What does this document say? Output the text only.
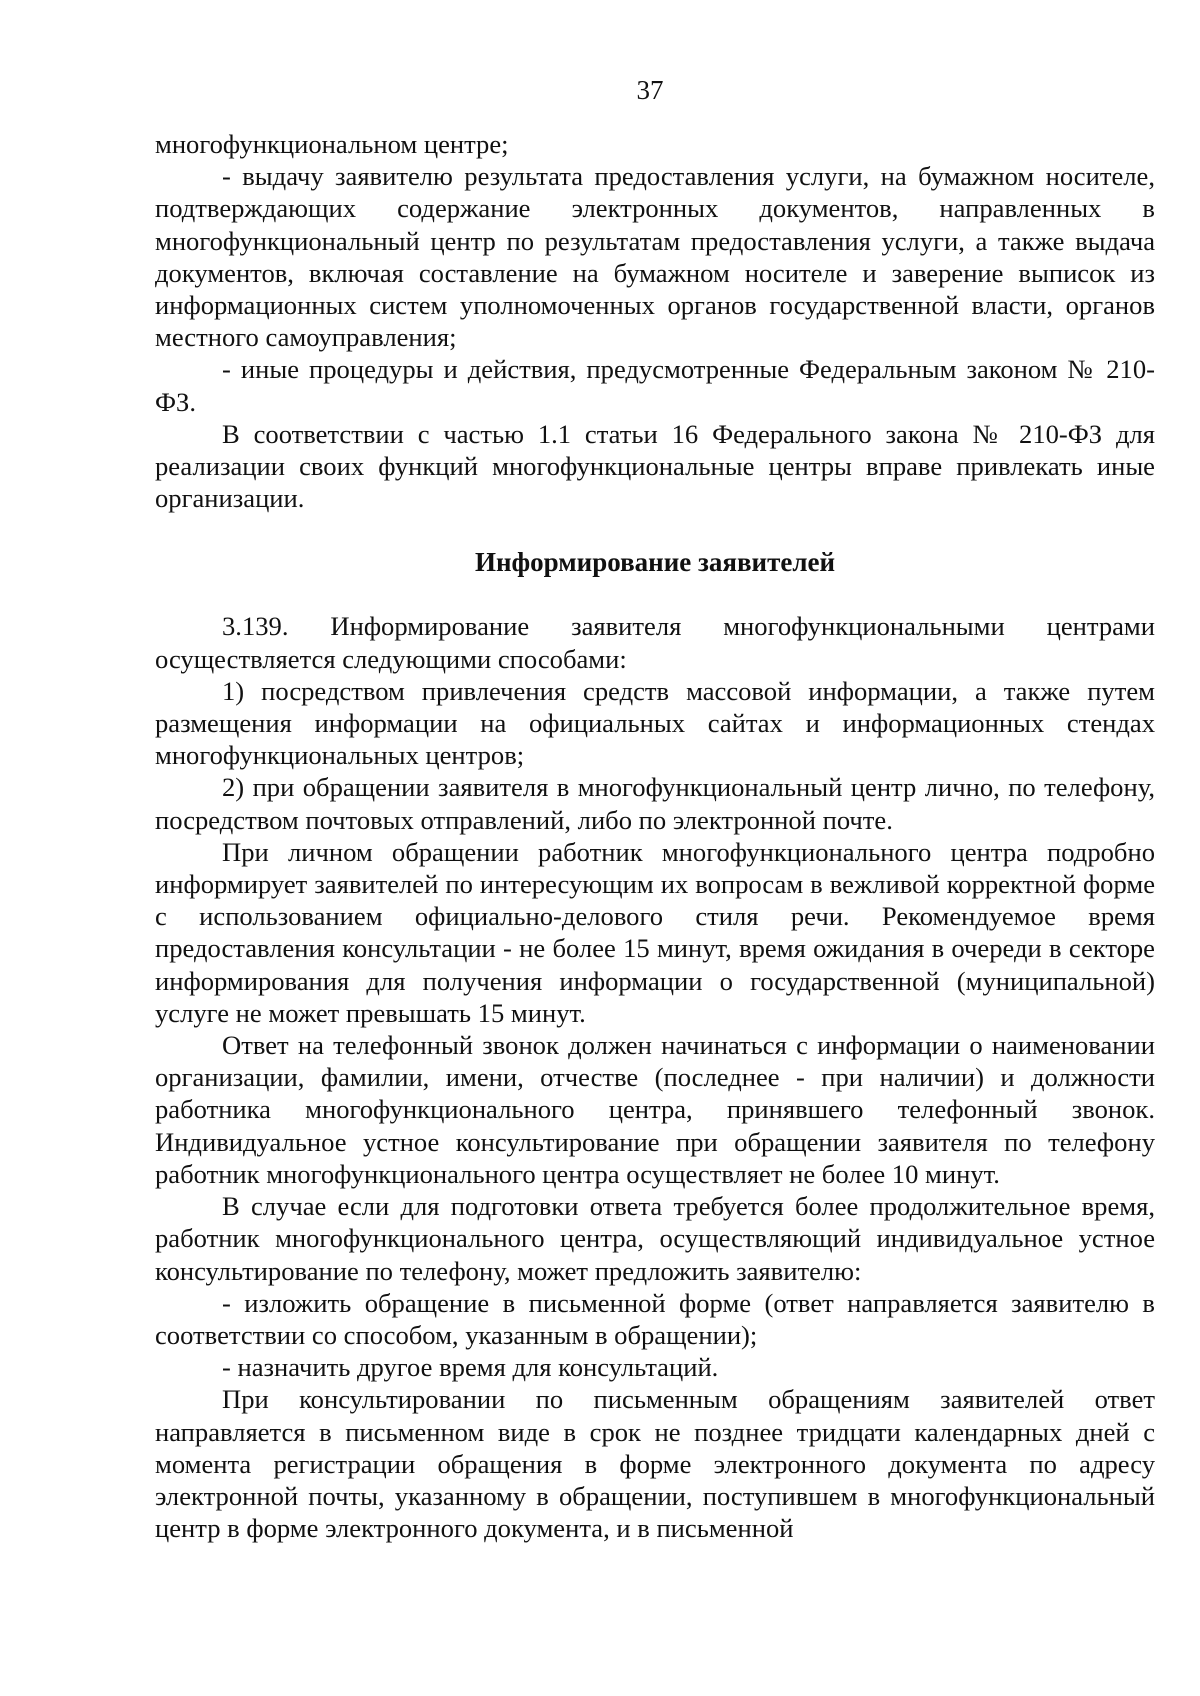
37

многофункциональном центре;

- выдачу заявителю результата предоставления услуги, на бумажном носителе, подтверждающих содержание электронных документов, направленных в многофункциональный центр по результатам предоставления услуги, а также выдача документов, включая составление на бумажном носителе и заверение выписок из информационных систем уполномоченных органов государственной власти, органов местного самоуправления;

- иные процедуры и действия, предусмотренные Федеральным законом № 210-ФЗ.

В соответствии с частью 1.1 статьи 16 Федерального закона № 210-ФЗ для реализации своих функций многофункциональные центры вправе привлекать иные организации.

Информирование заявителей

3.139. Информирование заявителя многофункциональными центрами осуществляется следующими способами:

1) посредством привлечения средств массовой информации, а также путем размещения информации на официальных сайтах и информационных стендах многофункциональных центров;

2) при обращении заявителя в многофункциональный центр лично, по телефону, посредством почтовых отправлений, либо по электронной почте.

При личном обращении работник многофункционального центра подробно информирует заявителей по интересующим их вопросам в вежливой корректной форме с использованием официально-делового стиля речи. Рекомендуемое время предоставления консультации - не более 15 минут, время ожидания в очереди в секторе информирования для получения информации о государственной (муниципальной) услуге не может превышать 15 минут.

Ответ на телефонный звонок должен начинаться с информации о наименовании организации, фамилии, имени, отчестве (последнее - при наличии) и должности работника многофункционального центра, принявшего телефонный звонок. Индивидуальное устное консультирование при обращении заявителя по телефону работник многофункционального центра осуществляет не более 10 минут.

В случае если для подготовки ответа требуется более продолжительное время, работник многофункционального центра, осуществляющий индивидуальное устное консультирование по телефону, может предложить заявителю:

- изложить обращение в письменной форме (ответ направляется заявителю в соответствии со способом, указанным в обращении);

- назначить другое время для консультаций.

При консультировании по письменным обращениям заявителей ответ направляется в письменном виде в срок не позднее тридцати календарных дней с момента регистрации обращения в форме электронного документа по адресу электронной почты, указанному в обращении, поступившем в многофункциональный центр в форме электронного документа, и в письменной
